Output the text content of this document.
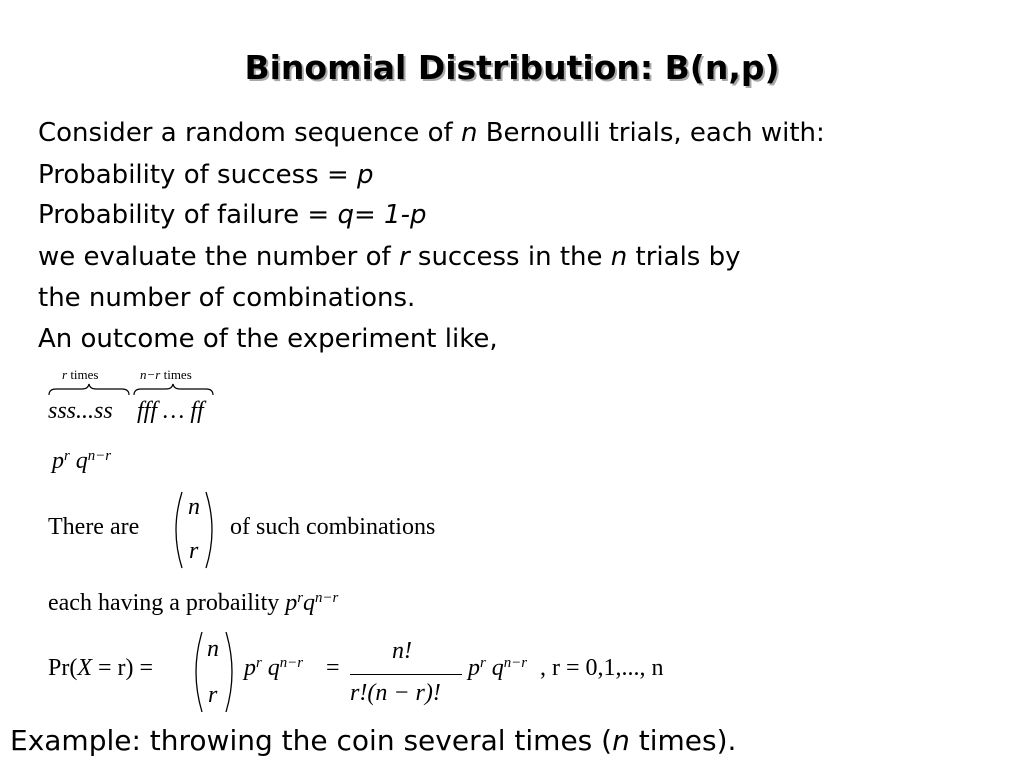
Binomial Distribution: B(n,p)
Consider a random sequence of n Bernoulli trials, each with:
Probability of success = p
Probability of failure = q= 1-p
we evaluate the number of r success in the n trials by
the number of combinations.
An outcome of the experiment like,
r times	n−r times
sss...ss fff … ff
$p^r$ $q^{n-r}$
There are
n
r
of such combinations
each having a probaility $p^rq^{n-r}$
Pr(X = r) =
n
r
$p^r$ $q^{n-r}$ =
n!
r!(n − r)!
$p^r$ $q^{n-r}$ , r = 0,1,..., n
Example: throwing the coin several times (n times).
